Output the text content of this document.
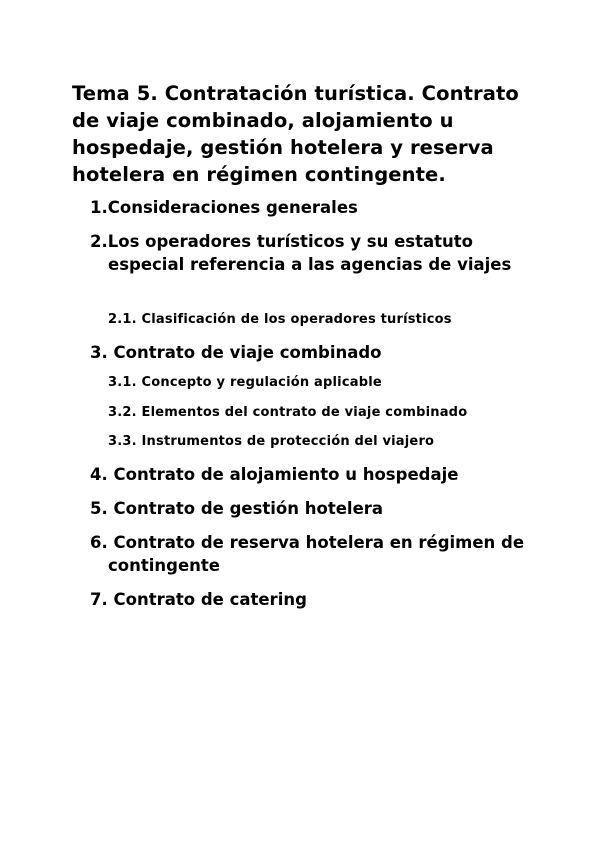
Tema 5. Contratación turística. Contrato de viaje combinado, alojamiento u hospedaje, gestión hotelera y reserva hotelera en régimen contingente.
1.Consideraciones generales
2.Los operadores turísticos y su estatuto especial referencia a las agencias de viajes
2.1. Clasificación de los operadores turísticos
3. Contrato de viaje combinado
3.1. Concepto y regulación aplicable
3.2. Elementos del contrato de viaje combinado
3.3. Instrumentos de protección del viajero
4. Contrato de alojamiento u hospedaje
5. Contrato de gestión hotelera
6. Contrato de reserva hotelera en régimen de contingente
7. Contrato de catering
